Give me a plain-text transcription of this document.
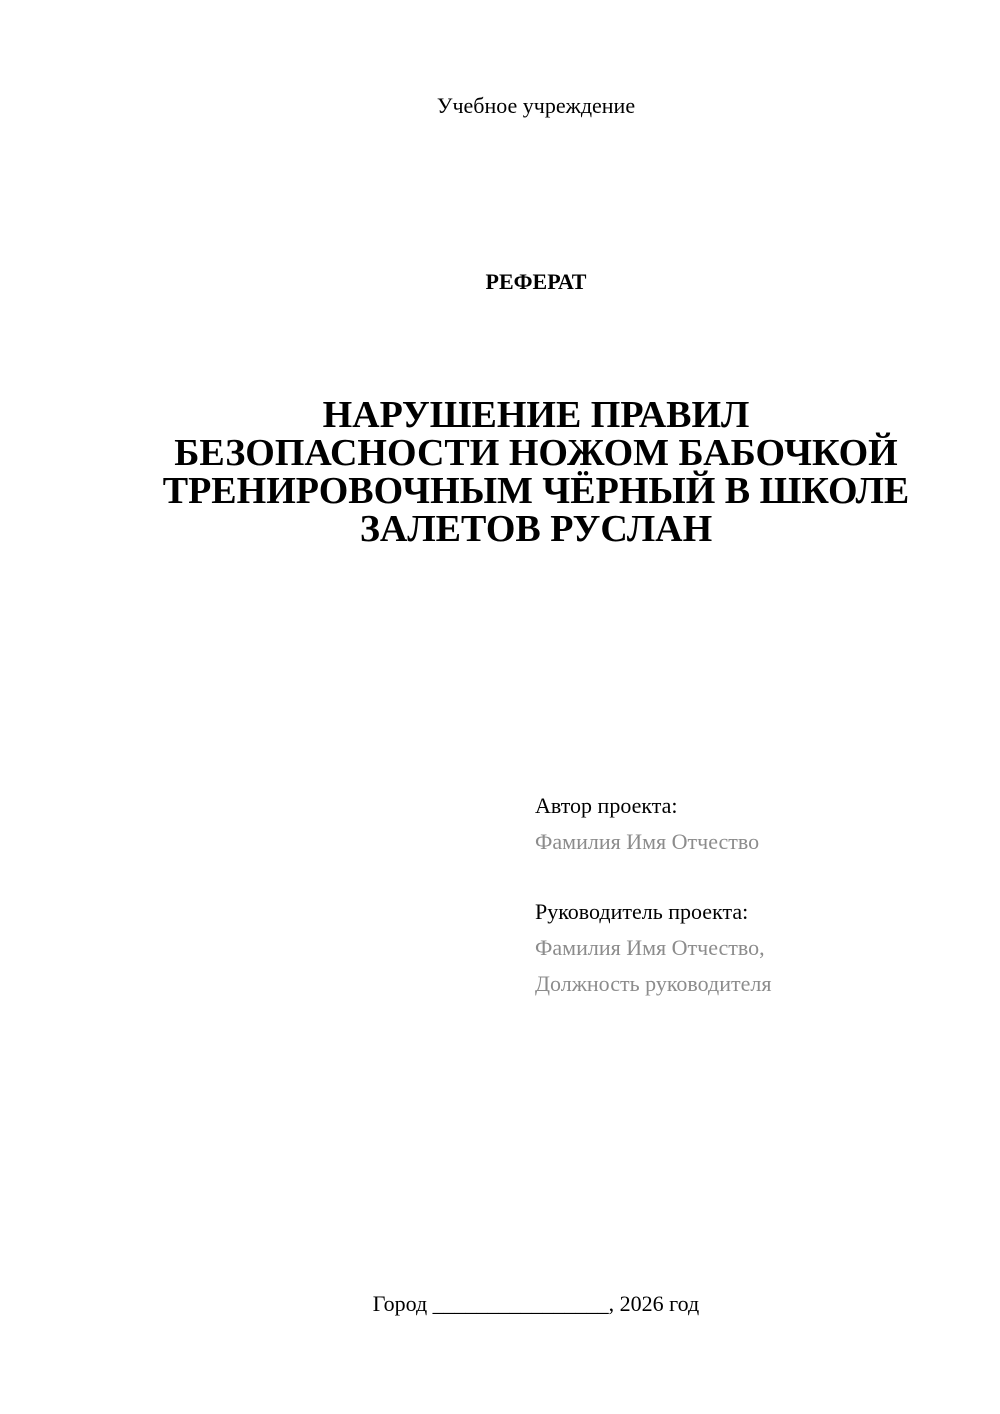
Учебное учреждение
РЕФЕРАТ
НАРУШЕНИЕ ПРАВИЛ
БЕЗОПАСНОСТИ НОЖОМ БАБОЧКОЙ
ТРЕНИРОВОЧНЫМ ЧЁРНЫЙ В ШКОЛЕ
ЗАЛЕТОВ РУСЛАН
Автор проекта:
Фамилия Имя Отчество
Руководитель проекта:
Фамилия Имя Отчество,
Должность руководителя
Город ________________, 2026 год
